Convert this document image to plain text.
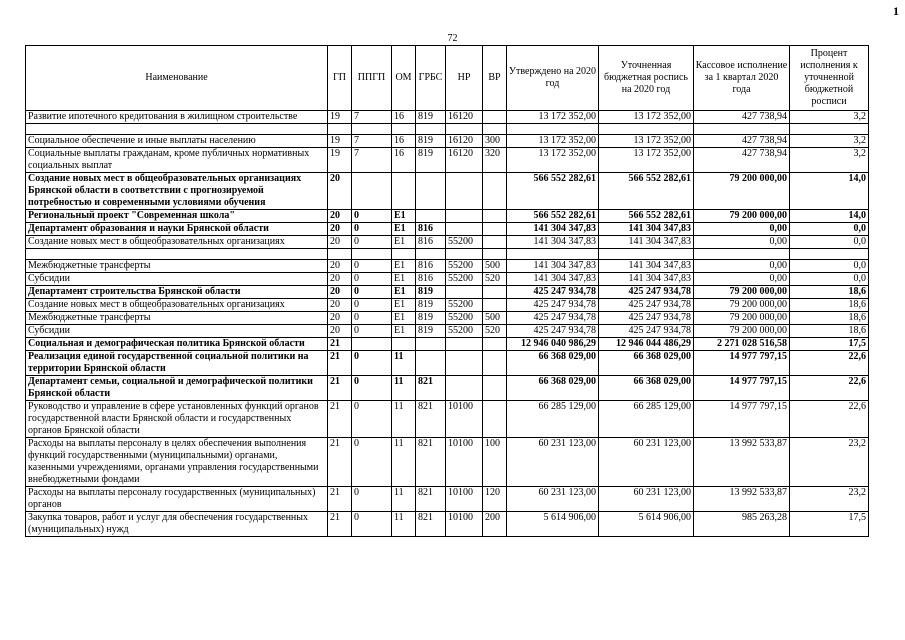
1
72
Наименование	ГП	ППГП	ОМ	ГРБС	НР	ВР	Утверждено на 2020 год	Уточненная бюджетная роспись на 2020 год	Кассовое исполнение за 1 квартал 2020 года	Процент исполнения к уточненной бюджетной росписи
Развитие ипотечного кредитования в жилищном строительстве	19	7	16	819	16120		13 172 352,00	13 172 352,00	427 738,94	3,2

Социальное обеспечение и иные выплаты населению	19	7	16	819	16120	300	13 172 352,00	13 172 352,00	427 738,94	3,2
Социальные выплаты гражданам, кроме публичных нормативных социальных выплат	19	7	16	819	16120	320	13 172 352,00	13 172 352,00	427 738,94	3,2
Создание новых мест в общеобразовательных организациях Брянской области в соответствии с прогнозируемой потребностью и современными условиями обучения	20						566 552 282,61	566 552 282,61	79 200 000,00	14,0
Региональный проект "Современная школа"	20	0	E1				566 552 282,61	566 552 282,61	79 200 000,00	14,0
Департамент образования и науки Брянской области	20	0	E1	816			141 304 347,83	141 304 347,83	0,00	0,0
Создание новых мест в общеобразовательных организациях	20	0	E1	816	55200		141 304 347,83	141 304 347,83	0,00	0,0

Межбюджетные трансферты	20	0	E1	816	55200	500	141 304 347,83	141 304 347,83	0,00	0,0
Субсидии	20	0	E1	816	55200	520	141 304 347,83	141 304 347,83	0,00	0,0
Департамент строительства Брянской области	20	0	E1	819			425 247 934,78	425 247 934,78	79 200 000,00	18,6
Создание новых мест в общеобразовательных организациях	20	0	E1	819	55200		425 247 934,78	425 247 934,78	79 200 000,00	18,6
Межбюджетные трансферты	20	0	E1	819	55200	500	425 247 934,78	425 247 934,78	79 200 000,00	18,6
Субсидии	20	0	E1	819	55200	520	425 247 934,78	425 247 934,78	79 200 000,00	18,6
Социальная и демографическая политика Брянской области	21						12 946 040 986,29	12 946 044 486,29	2 271 028 516,58	17,5
Реализация единой государственной социальной политики на территории Брянской области	21	0	11				66 368 029,00	66 368 029,00	14 977 797,15	22,6
Департамент семьи, социальной и демографической политики Брянской области	21	0	11	821			66 368 029,00	66 368 029,00	14 977 797,15	22,6
Руководство и управление в сфере установленных функций органов государственной власти Брянской области и государственных органов Брянской области	21	0	11	821	10100		66 285 129,00	66 285 129,00	14 977 797,15	22,6
Расходы на выплаты персоналу в целях обеспечения выполнения функций государственными (муниципальными) органами, казенными учреждениями, органами управления государственными внебюджетными фондами	21	0	11	821	10100	100	60 231 123,00	60 231 123,00	13 992 533,87	23,2
Расходы на выплаты персоналу государственных (муниципальных) органов	21	0	11	821	10100	120	60 231 123,00	60 231 123,00	13 992 533,87	23,2
Закупка товаров, работ и услуг для обеспечения государственных (муниципальных) нужд	21	0	11	821	10100	200	5 614 906,00	5 614 906,00	985 263,28	17,5
